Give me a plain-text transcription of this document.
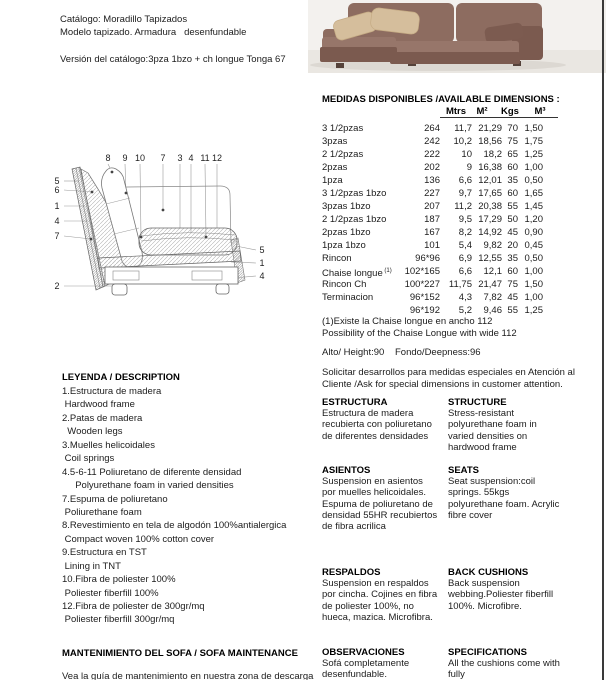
Catálogo: Moradillo Tapizados
Modelo tapizado. Armadura   desenfundable
Versión del catálogo:3pza 1bzo + ch longue Tonga 67
8 9 10 7 3 4 11 12
5
6
1
4
7
2
5
1
4
MEDIDAS DISPONIBLES /AVAILABLE DIMENSIONS :
Mtrs	M²	Kgs	M³
3 1/2pzas	264	11,7 21,29 70 1,50
3pzas	242	10,2 18,56 75 1,75
2 1/2pzas	222	10	18,2 65 1,25
2pzas	202	9 16,38 60 1,00
1pza	136	6,6 12,01 35 0,50
3 1/2pzas 1bzo	227	9,7 17,65 60 1,65
3pzas 1bzo	207	11,2 20,38 55 1,45
2 1/2pzas 1bzo	187	9,5 17,29 50 1,20
2pzas 1bzo	167	8,2 14,92 45 0,90
1pza 1bzo	101	5,4	9,82 20 0,45
Rincon	96*96	6,9 12,55 35 0,50
Chaise longue $^{(1)}$	102*165	6,6	12,1 60 1,00
Rincon Ch	100*227 11,75 21,47 75 1,50
Terminacion	96*152	4,3	7,82 45 1,00
96*192	5,2	9,46 55 1,25
(1)Existe la Chaise longue en ancho 112
Possibility of the Chaise Longue with wide 112
Alto/ Height:90 Fondo/Deepness:96
Solicitar desarrollos para medidas especiales en Atención al
Cliente /Ask for special dimensions in customer attention.
LEYENDA / DESCRIPTION
1.Estructura de madera
Hardwood frame
2.Patas de madera
Wooden legs
3.Muelles helicoidales
Coil springs
4.5-6-11 Poliuretano de diferente densidad
Polyurethane foam in varied densities
7.Espuma de poliuretano
Poliurethane foam
8.Revestimiento en tela de algodón 100%antialergica
Compact woven 100% cotton cover
9.Estructura en TST
Lining in TNT
10.Fibra de poliester 100%
Poliester fiberfill 100%
12.Fibra de poliester de 300gr/mq
Poliester fiberfill 300gr/mq
ESTRUCTURA
Estructura de madera recubierta con poliuretano de diferentes densidades
STRUCTURE
Stress-resistant polyurethane foam in varied densities on hardwood frame
ASIENTOS
Suspension en asientos por muelles helicoidales. Espuma de poliuretano de densidad 55HR recubiertos de fibra acrilica
SEATS
Seat suspension:coil springs. 55kgs polyurethane foam. Acrylic fibre cover
RESPALDOS
Suspension en respaldos por cincha. Cojines en fibra de poliester 100%, no hueca, mazica. Microfibra.
BACK CUSHIONS
Back suspension webbing.Poliester fiberfill 100%. Microfibre.
OBSERVACIONES
Sofá completamente desenfundable.
SPECIFICATIONS
All the cushions come with fully
MANTENIMIENTO DEL SOFA / SOFA MAINTENANCE
Vea la guía de mantenimiento en nuestra zona de descarga
